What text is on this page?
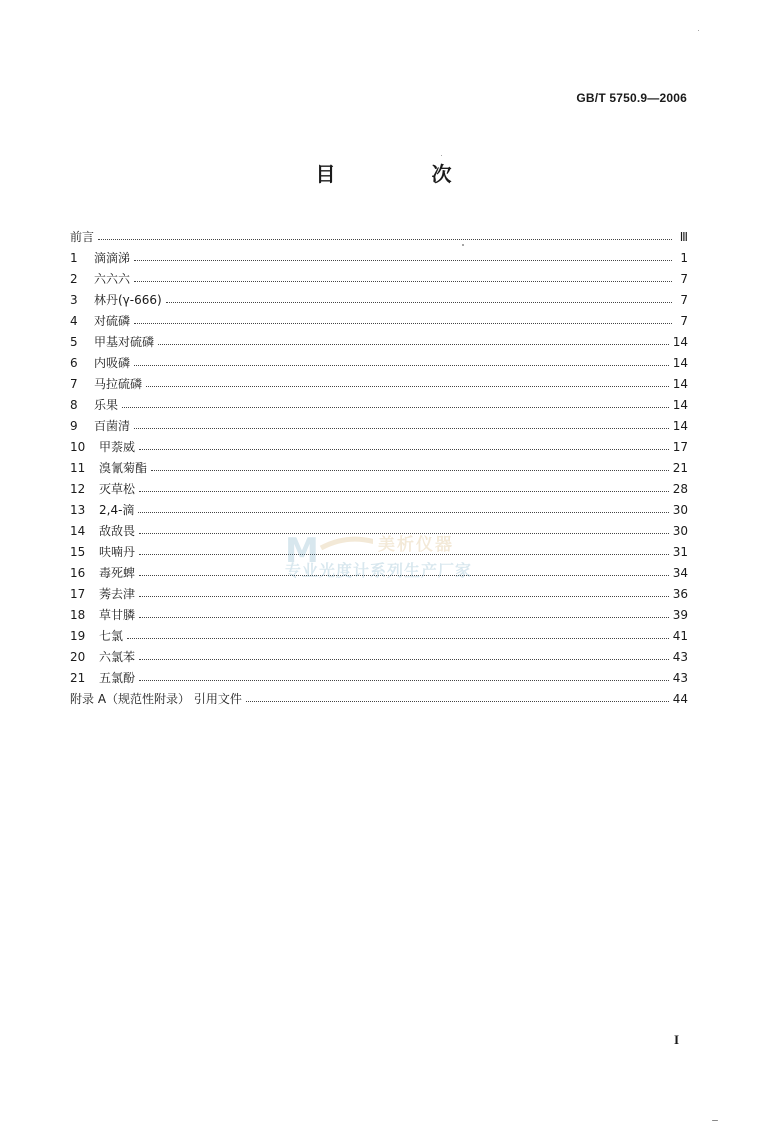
GB/T 5750.9—2006
目　次
前言	Ⅲ
1	滴滴涕	1
2	六六六	7
3	林丹(γ-666)	7
4	对硫磷	7
5	甲基对硫磷	14
6	内吸磷	14
7	马拉硫磷	14
8	乐果	14
9	百菌清	14
10	甲萘威	17
11	溴氰菊酯	21
12	灭草松	28
13	2,4-滴	30
14	敌敌畏	30
15	呋喃丹	31
16	毒死蜱	34
17	莠去津	36
18	草甘膦	39
19	七氯	41
20	六氯苯	43
21	五氯酚	43
附录 A（规范性附录） 引用文件	44
M	美析仪器
专业光度计系列生产厂家
I
